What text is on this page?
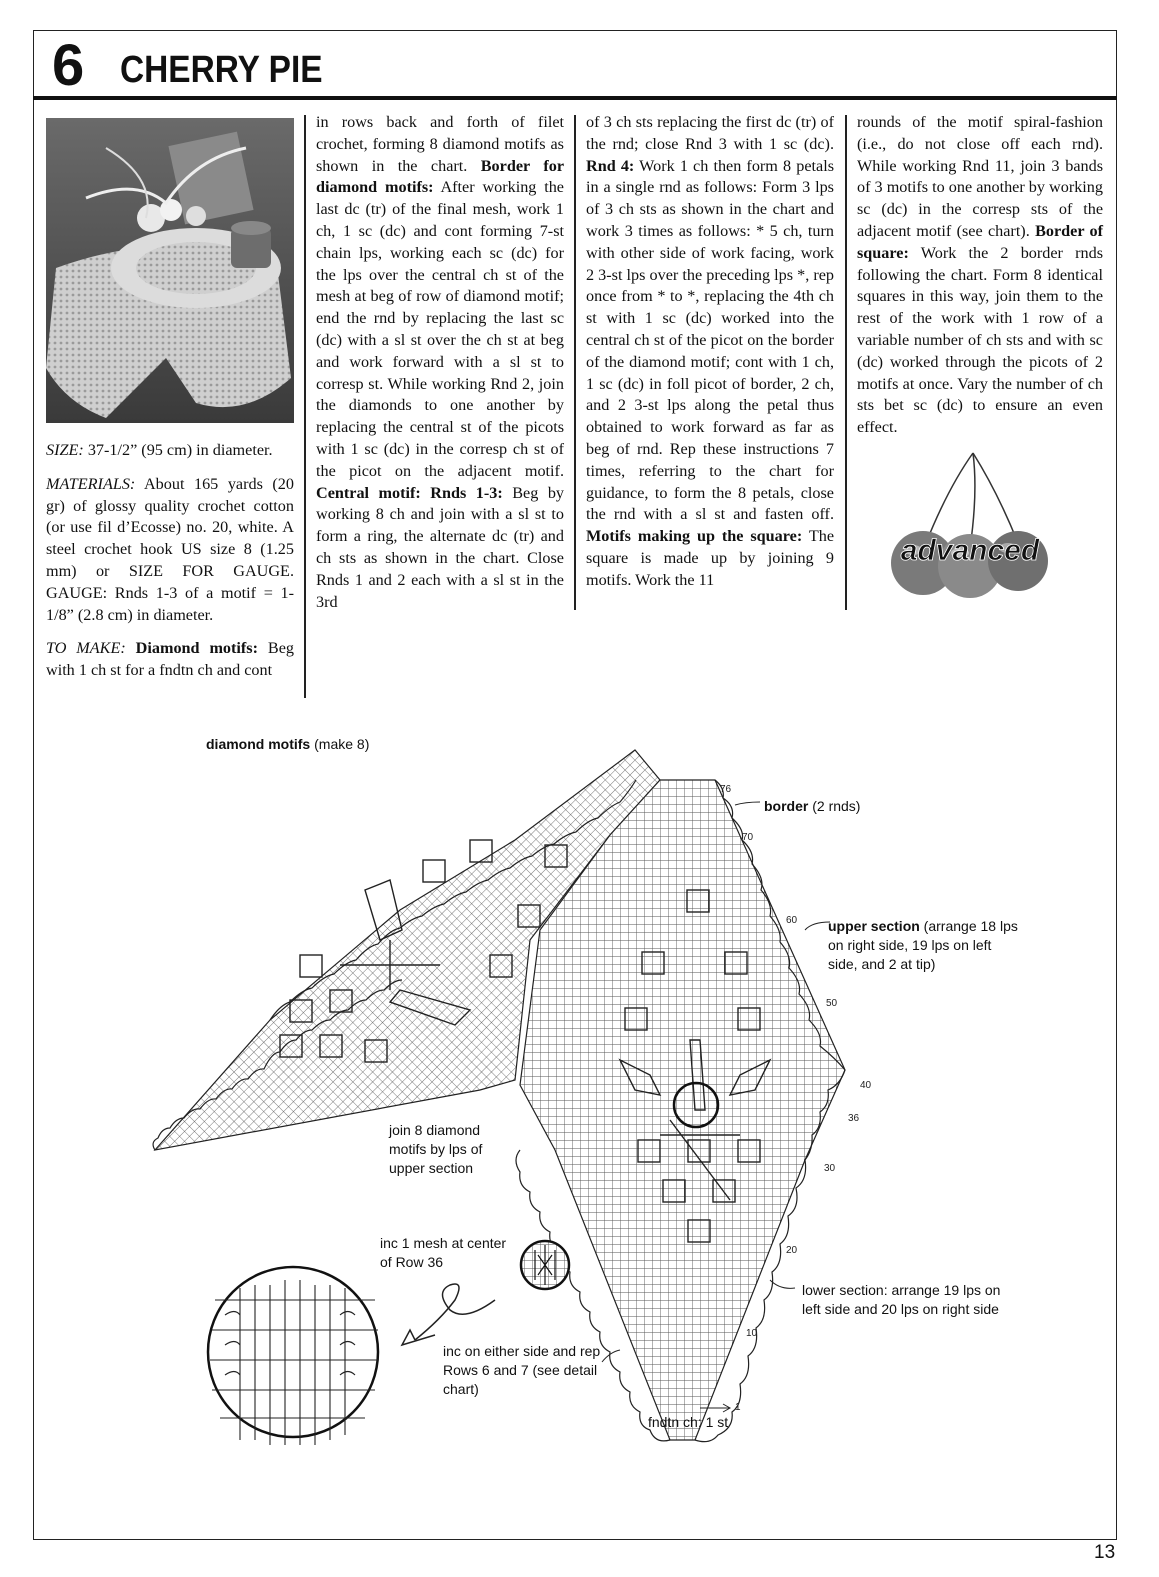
6 CHERRY PIE

SIZE: 37-1/2” (95 cm) in diameter.

MATERIALS: About 165 yards (20 gr) of glossy quality crochet cotton (or use fil d’Ecosse) no. 20, white. A steel crochet hook US size 8 (1.25 mm) or SIZE FOR GAUGE. GAUGE: Rnds 1-3 of a motif = 1-1/8” (2.8 cm) in diameter.

TO MAKE: Diamond motifs: Beg with 1 ch st for a fndtn ch and cont

in rows back and forth of filet crochet, forming 8 diamond motifs as shown in the chart. Border for diamond motifs: After working the last dc (tr) of the final mesh, work 1 ch, 1 sc (dc) and cont forming 7-st chain lps, working each sc (dc) for the lps over the central ch st of the mesh at beg of row of diamond motif; end the rnd by replacing the last sc (dc) with a sl st over the ch st at beg and work forward with a sl st to corresp st. While working Rnd 2, join the diamonds to one another by replacing the central st of the picots with 1 sc (dc) in the corresp ch st of the picot on the adjacent motif. Central motif: Rnds 1-3: Beg by working 8 ch and join with a sl st to form a ring, the alternate dc (tr) and ch sts as shown in the chart. Close Rnds 1 and 2 each with a sl st in the 3rd
of 3 ch sts replacing the first dc (tr) of the rnd; close Rnd 3 with 1 sc (dc). Rnd 4: Work 1 ch then form 8 petals in a single rnd as follows: Form 3 lps of 3 ch sts as shown in the chart and work 3 times as follows: * 5 ch, turn with other side of work facing, work 2 3-st lps over the preceding lps *, rep once from * to *, replacing the 4th ch st with 1 sc (dc) worked into the central ch st of the picot on the border of the diamond motif; cont with 1 ch, 1 sc (dc) in foll picot of border, 2 ch, and 2 3-st lps along the petal thus obtained to work forward as far as beg of rnd. Rep these instructions 7 times, referring to the chart for guidance, to form the 8 petals, close the rnd with a sl st and fasten off. Motifs making up the square: The square is made up by joining 9 motifs. Work the 11
rounds of the motif spiral-fashion (i.e., do not close off each rnd). While working Rnd 11, join 3 bands of 3 motifs to one another by working sc (dc) in the corresp sts of the adjacent motif (see chart). Border of square: Work the 2 border rnds following the chart. Form 8 identical squares in this way, join them to the rest of the work with 1 row of a variable number of ch sts and with sc (dc) worked through the picots of 2 motifs at once. Vary the number of ch sts bet sc (dc) to ensure an even effect.
advanced
76
70
60
50
40
36
30
20
10
1
diamond motifs (make 8)
border (2 rnds)
upper section (arrange 18 lps on right side, 19 lps on left side, and 2 at tip)
join 8 diamond motifs by lps of upper section
inc 1 mesh at center of Row 36
lower section: arrange 19 lps on left side and 20 lps on right side
inc on either side and rep Rows 6 and 7 (see detail chart)
fndtn ch: 1 st
13
